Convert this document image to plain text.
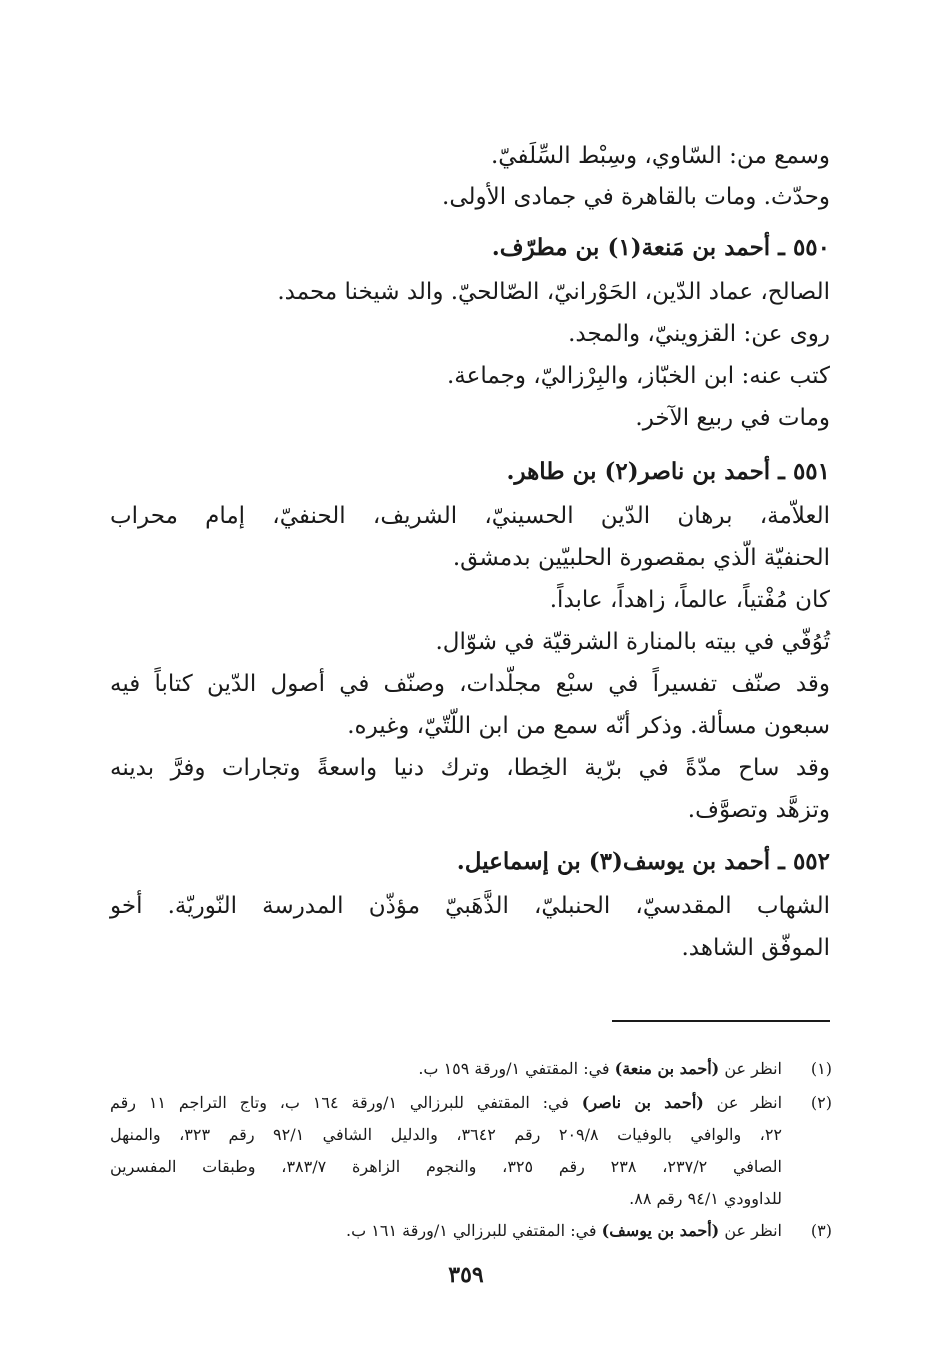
وسمع من: السّاوي، وسِبْط السِّلَفيّ.
وحدّث. ومات بالقاهرة في جمادى الأولى.
٥٥٠ ـ أحمد بن مَنعة(١) بن مطرّف.
الصالح، عماد الدّين، الحَوْرانيّ، الصّالحيّ. والد شيخنا محمد.
روى عن: القزوينيّ، والمجد.
كتب عنه: ابن الخبّاز، والبِرْزاليّ، وجماعة.
ومات في ربيع الآخر.
٥٥١ ـ أحمد بن ناصر(٢) بن طاهر.
العلاّمة، برهان الدّين الحسينيّ، الشريف، الحنفيّ، إمام محراب
الحنفيّة الّذي بمقصورة الحلبيّين بدمشق.
كان مُفْتياً، عالماً، زاهداً، عابداً.
تُوُفّي في بيته بالمنارة الشرقيّة في شوّال.
وقد صنّف تفسيراً في سبْع مجلّدات، وصنّف في أصول الدّين كتاباً فيه
سبعون مسألة. وذكر أنّه سمع من ابن اللّتّيّ، وغيره.
وقد ساح مدّةً في برّية الخِطا، وترك دنيا واسعةً وتجارات وفرَّ بدينه
وتزهَّد وتصوَّف.
٥٥٢ ـ أحمد بن يوسف(٣) بن إسماعيل.
الشهاب المقدسيّ، الحنبليّ، الذَّهَبيّ مؤذّن المدرسة النّوريّة. أخو
الموفّق الشاهد.
(١)
انظر عن (أحمد بن منعة) في: المقتفي ١/ورقة ١٥٩ ب.
(٢)
انظر عن (أحمد بن ناصر) في: المقتفي للبرزالي ١/ورقة ١٦٤ ب، وتاج التراجم ١١ رقم
٢٢، والوافي بالوفيات ٢٠٩/٨ رقم ٣٦٤٢، والدليل الشافي ٩٢/١ رقم ٣٢٣، والمنهل
الصافي ٢٣٧/٢، ٢٣٨ رقم ٣٢٥، والنجوم الزاهرة ٣٨٣/٧، وطبقات المفسرين
للداوودي ٩٤/١ رقم ٨٨.
(٣)
انظر عن (أحمد بن يوسف) في: المقتفي للبرزالي ١/ورقة ١٦١ ب.
٣٥٩
